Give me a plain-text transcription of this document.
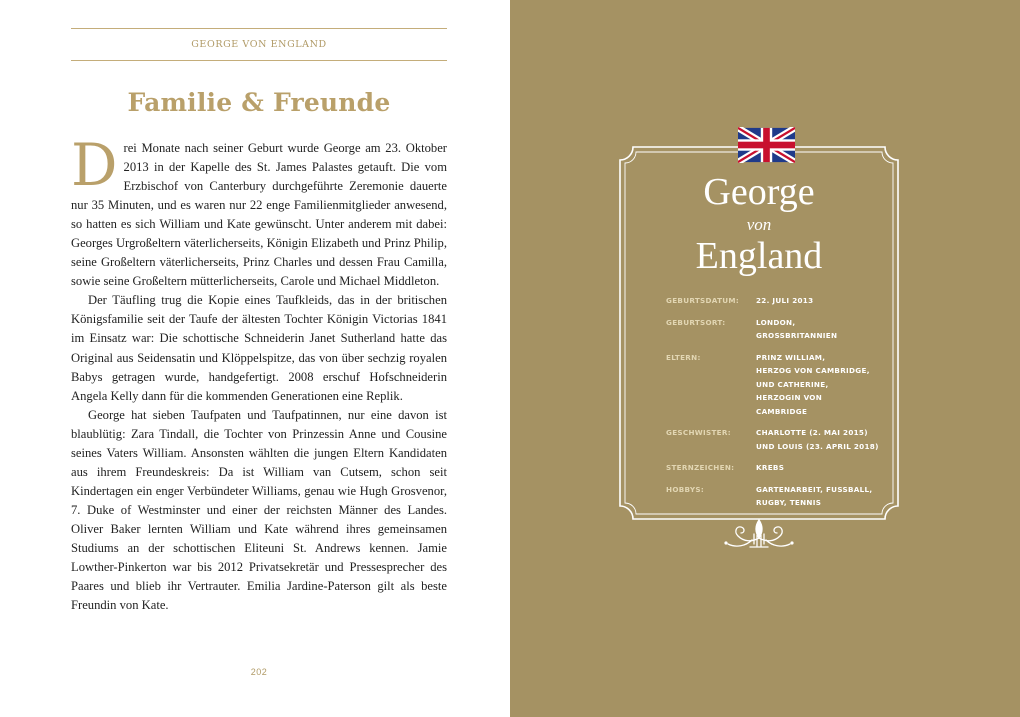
GEORGE VON ENGLAND
Familie & Freunde

Drei Monate nach seiner Geburt wurde George am 23. Oktober 2013 in der Kapelle des St. James Palastes getauft. Die vom Erzbischof von Canterbury durchgeführte Zeremonie dauerte nur 35 Minuten, und es waren nur 22 enge Familienmitglieder anwesend, so hatten es sich William und Kate gewünscht. Unter anderem mit dabei: Georges Urgroßeltern väterlicherseits, Königin Elizabeth und Prinz Philip, seine Großeltern väterlicherseits, Prinz Charles und dessen Frau Camilla, sowie seine Großeltern mütterlicherseits, Carole und Michael Middleton.

Der Täufling trug die Kopie eines Taufkleids, das in der britischen Königsfamilie seit der Taufe der ältesten Tochter Königin Victorias 1841 im Einsatz war: Die schottische Schneiderin Janet Sutherland hatte das Original aus Seidensatin und Klöppelspitze, das von über sechzig royalen Babys getragen wurde, handgefertigt. 2008 erschuf Hofschneiderin Angela Kelly dann für die kommenden Generationen eine Replik.

George hat sieben Taufpaten und Taufpatinnen, nur eine davon ist blaublütig: Zara Tindall, die Tochter von Prinzessin Anne und Cousine seines Vaters William. Ansonsten wählten die jungen Eltern Kandidaten aus ihrem Freundeskreis: Da ist William van Cutsem, schon seit Kindertagen ein enger Verbündeter Williams, genau wie Hugh Grosvenor, 7. Duke of Westminster und einer der reichsten Männer des Landes. Oliver Baker lernten William und Kate während ihres gemeinsamen Studiums an der schottischen Eliteuni St. Andrews kennen. Jamie Lowther-Pinkerton war bis 2012 Privatsekretär und Pressesprecher des Paares und blieb ihr Vertrauter. Emilia Jardine-Paterson gilt als beste Freundin von Kate.

202
George
von
England
GEBURTSDATUM:	22. JULI 2013
GEBURTSORT:	LONDON,
GROSSBRITANNIEN
ELTERN:	PRINZ WILLIAM,
HERZOG VON CAMBRIDGE,
UND CATHERINE,
HERZOGIN VON
CAMBRIDGE
GESCHWISTER:	CHARLOTTE (2. MAI 2015)
UND LOUIS (23. APRIL 2018)
STERNZEICHEN:	KREBS
HOBBYS:	GARTENARBEIT, FUSSBALL,
RUGBY, TENNIS
